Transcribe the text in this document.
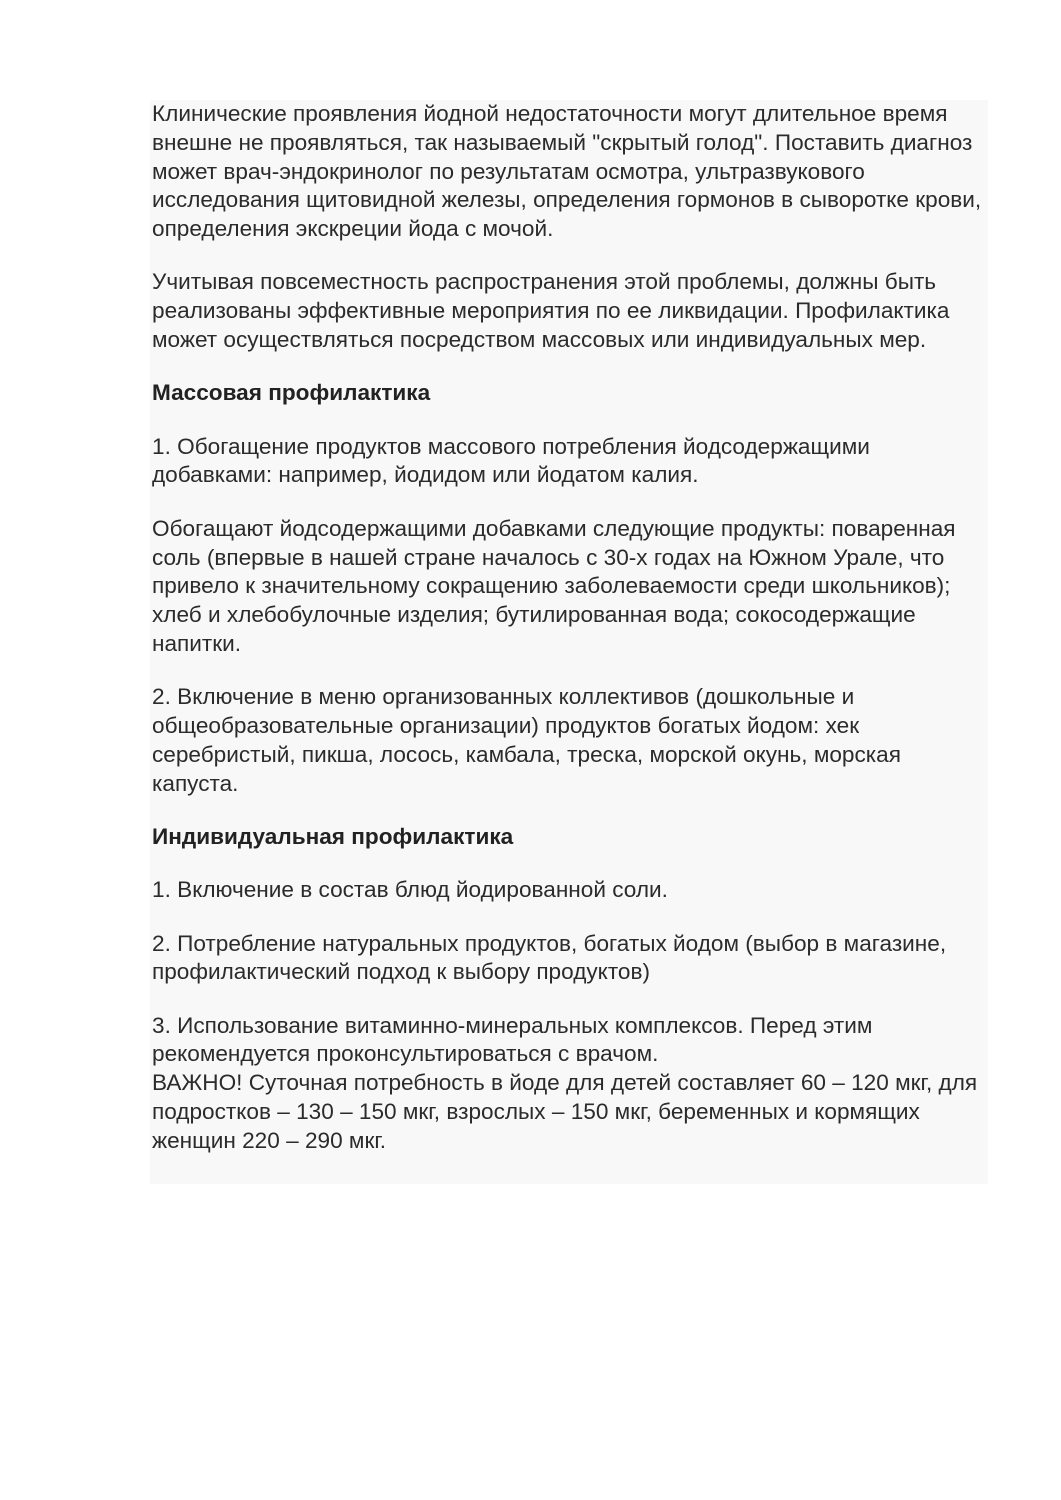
Клинические проявления йодной недостаточности могут длительное время внешне не проявляться, так называемый "скрытый голод". Поставить диагноз может врач-эндокринолог по результатам осмотра, ультразвукового исследования щитовидной железы, определения гормонов в сыворотке крови, определения экскреции йода с мочой.

Учитывая повсеместность распространения этой проблемы, должны быть реализованы эффективные мероприятия по ее ликвидации. Профилактика может осуществляться посредством массовых или индивидуальных мер.

Массовая профилактика

1. Обогащение продуктов массового потребления йодсодержащими добавками: например, йодидом или йодатом калия.

Обогащают йодсодержащими добавками следующие продукты: поваренная соль (впервые в нашей стране началось с 30-х годах на Южном Урале, что привело к значительному сокращению заболеваемости среди школьников); хлеб и хлебобулочные изделия; бутилированная вода; сокосодержащие напитки.

2. Включение в меню организованных коллективов (дошкольные и общеобразовательные организации) продуктов богатых йодом: хек серебристый, пикша, лосось, камбала, треска, морской окунь, морская капуста.

Индивидуальная профилактика

1. Включение в состав блюд йодированной соли.

2. Потребление натуральных продуктов, богатых йодом (выбор в магазине, профилактический подход к выбору продуктов)

3. Использование витаминно-минеральных комплексов. Перед этим рекомендуется проконсультироваться с врачом.

ВАЖНО! Суточная потребность в йоде для детей составляет 60 – 120 мкг, для подростков – 130 – 150 мкг, взрослых – 150 мкг, беременных и кормящих женщин 220 – 290 мкг.
